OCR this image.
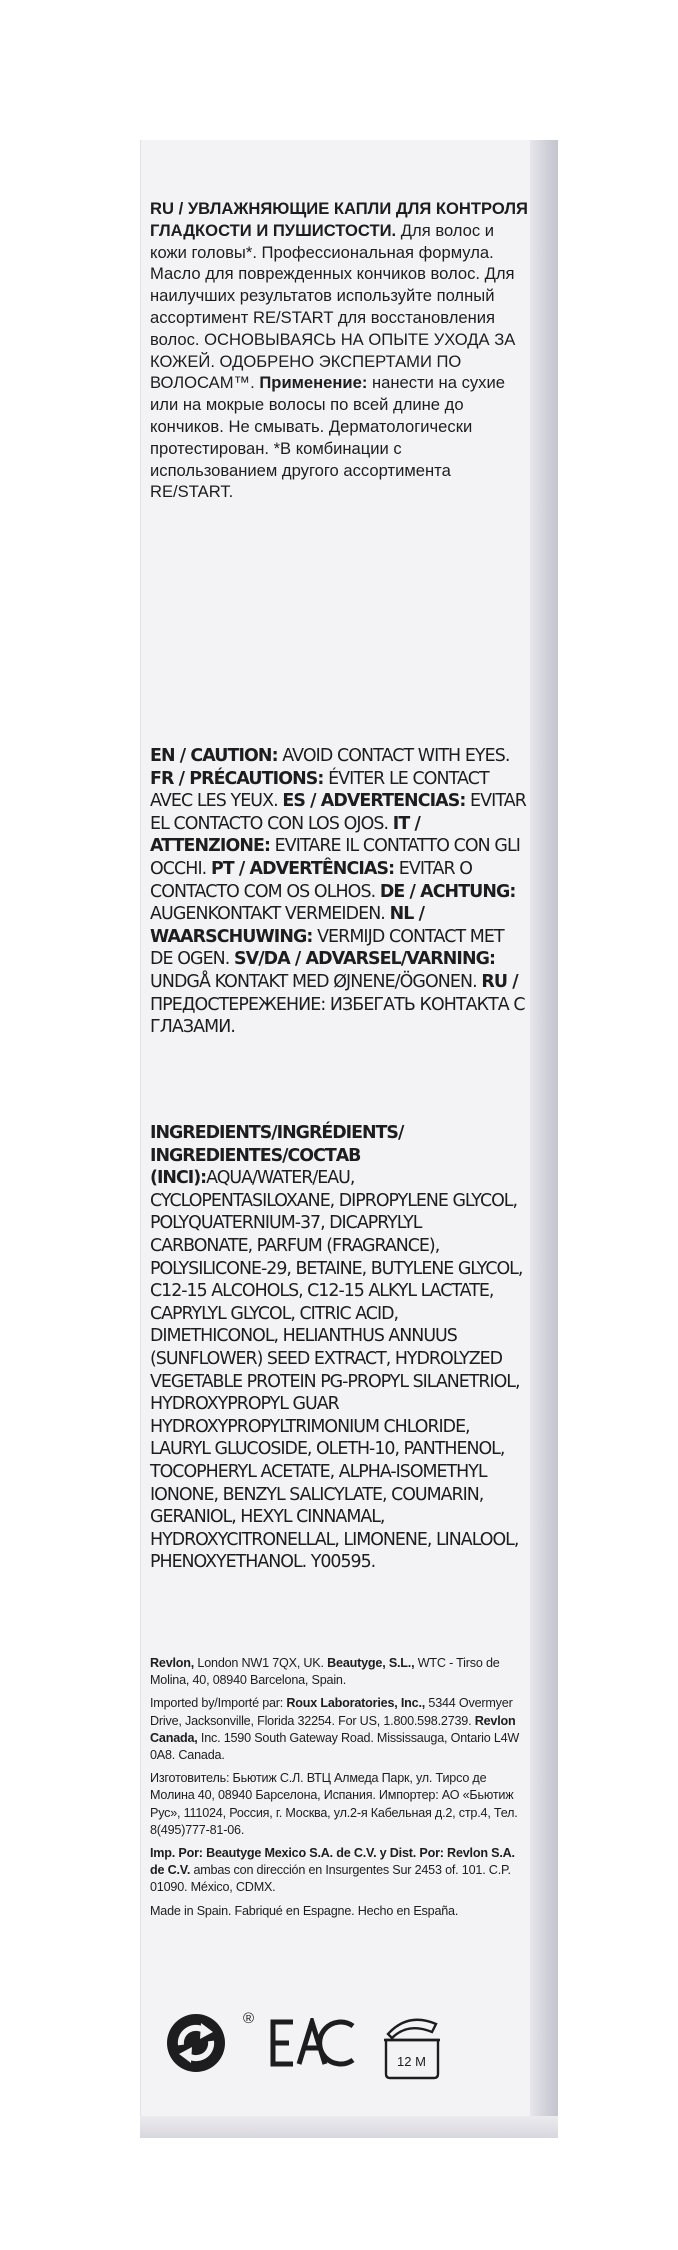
RU / УВЛАЖНЯЮЩИЕ КАПЛИ ДЛЯ КОНТРОЛЯ ГЛАДКОСТИ И ПУШИСТОСТИ. Для волос и кожи головы*. Профессиональная формула. Масло для поврежденных кончиков волос. Для наилучших результатов используйте полный ассортимент RE/START для восстановления волос. ОСНОВЫВАЯСЬ НА ОПЫТЕ УХОДА ЗА КОЖЕЙ. ОДОБРЕНО ЭКСПЕРТАМИ ПО ВОЛОСАМ™. Применение: нанести на сухие или на мокрые волосы по всей длине до кончиков. Не смывать. Дерматологически протестирован. *В комбинации с использованием другого ассортимента RE/START.
EN / CAUTION: AVOID CONTACT WITH EYES. FR / PRÉCAUTIONS: ÉVITER LE CONTACT AVEC LES YEUX. ES / ADVERTENCIAS: EVITAR EL CONTACTO CON LOS OJOS. IT / ATTENZIONE: EVITARE IL CONTATTO CON GLI OCCHI. PT / ADVERTÊNCIAS: EVITAR O CONTACTO COM OS OLHOS. DE / ACHTUNG: AUGENKONTAKT VERMEIDEN. NL / WAARSCHUWING: VERMIJD CONTACT MET DE OGEN. SV/DA / ADVARSEL/VARNING: UNDGÅ KONTAKT MED ØJNENE/ÖGONEN. RU / ПРЕДОСТЕРЕЖЕНИЕ: ИЗБЕГАТЬ КОНТАКТА С ГЛАЗАМИ.
INGREDIENTS/INGRÉDIENTS/ INGREDIENTES/СОСТАВ (INCI):AQUA/WATER/EAU, CYCLOPENTASILOXANE, DIPROPYLENE GLYCOL, POLYQUATERNIUM-37, DICAPRYLYL CARBONATE, PARFUM (FRAGRANCE), POLYSILICONE-29, BETAINE, BUTYLENE GLYCOL, C12-15 ALCOHOLS, C12-15 ALKYL LACTATE, CAPRYLYL GLYCOL, CITRIC ACID, DIMETHICONOL, HELIANTHUS ANNUUS (SUNFLOWER) SEED EXTRACT, HYDROLYZED VEGETABLE PROTEIN PG-PROPYL SILANETRIOL, HYDROXYPROPYL GUAR HYDROXYPROPYLTRIMONIUM CHLORIDE, LAURYL GLUCOSIDE, OLETH-10, PANTHENOL, TOCOPHERYL ACETATE, ALPHA-ISOMETHYL IONONE, BENZYL SALICYLATE, COUMARIN, GERANIOL, HEXYL CINNAMAL, HYDROXYCITRONELLAL, LIMONENE, LINALOOL, PHENOXYETHANOL. Y00595.

Revlon, London NW1 7QX, UK. Beautyge, S.L., WTC - Tirso de Molina, 40, 08940 Barcelona, Spain.

Imported by/Importé par: Roux Laboratories, Inc., 5344 Overmyer Drive, Jacksonville, Florida 32254. For US, 1.800.598.2739. Revlon Canada, Inc. 1590 South Gateway Road. Mississauga, Ontario L4W 0A8. Canada.

Изготовитель: Бьютиж С.Л. ВТЦ Алмеда Парк, ул. Тирсо де Молина 40, 08940 Барселона, Испания. Импортер: АО «Бьютиж Рус», 111024, Россия, г. Москва, ул.2-я Кабельная д.2, стр.4, Тел. 8(495)777-81-06.

Imp. Por: Beautyge Mexico S.A. de C.V. y Dist. Por: Revlon S.A. de C.V. ambas con dirección en Insurgentes Sur 2453 of. 101. C.P. 01090. México, CDMX.

Made in Spain. Fabriqué en Espagne. Hecho en España.

®
12 M
